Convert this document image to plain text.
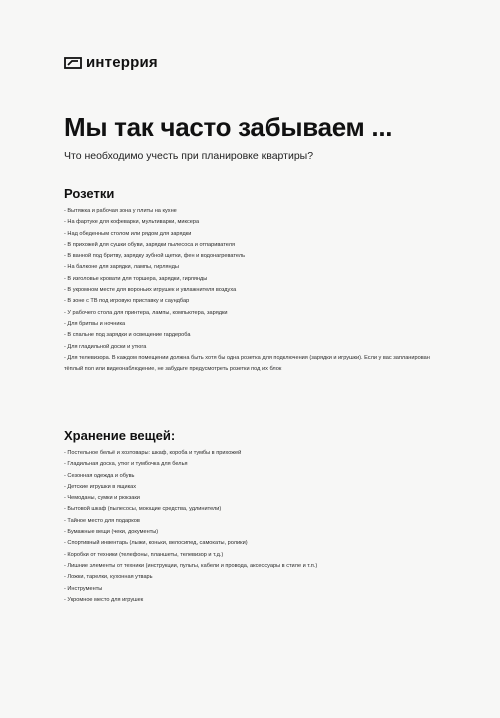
интеррия
Мы так часто забываем ...
Что необходимо учесть при планировке квартиры?
Розетки
- Вытяжка и рабочая зона у плиты на кухне
- На фартуке для кофеварки, мультиварки, миксера
- Над обеденным столом или рядом для зарядки
- В прихожей для сушки обуви, зарядки пылесоса и отпаривателя
- В ванной под бритву, зарядку зубной щетки, фен и водонагреватель
- На балконе для зарядки, лампы, гирлянды
- В изголовье кровати для торшера, зарядки, гирлянды
- В укромном месте для вороньих игрушек и увлажнителя воздуха
- В зоне с ТВ под игровую приставку и саундбар
- У рабочего стола для принтера, лампы, компьютера, зарядки
- Для бритвы и ночника
- В спальне под зарядки и освещение гардероба
- Для гладильной доски и утюга
- Для телевизора. В каждом помещении должна быть хотя бы одна розетка для подключения (зарядки и игрушки). Если у вас запланирован тёплый пол или видеонаблюдение, не забудьте предусмотреть розетки под их блок
Хранение вещей:
- Постельное бельё и хозтовары: шкаф, короба и тумбы в прихожей
- Гладильная доска, утюг и тумбочка для белья
- Сезонная одежда и обувь
- Детские игрушки в ящиках
- Чемоданы, сумки и рюкзаки
- Бытовой шкаф (пылесосы, моющие средства, удлинители)
- Тайное место для подарков
- Бумажные вещи (чеки, документы)
- Спортивный инвентарь (лыжи, коньки, велосипед, самокаты, ролики)
- Коробки от техники (телефоны, планшеты, телевизор и т.д.)
- Лишние элементы от техники (инструкции, пульты, кабели и провода, аксессуары в стиле и т.п.)
- Ложки, тарелки, кухонная утварь
- Инструменты
- Укромное место для игрушек
